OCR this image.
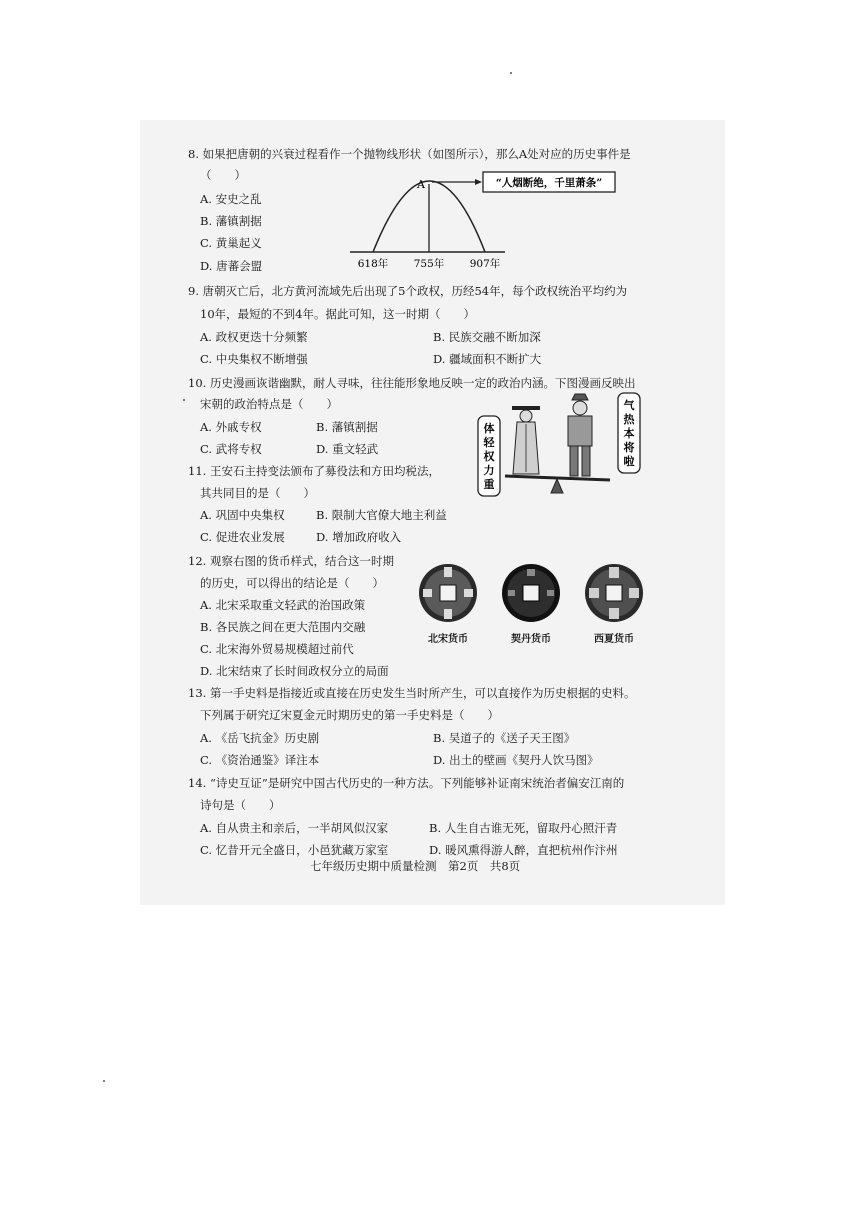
8. 如果把唐朝的兴衰过程看作一个抛物线形状（如图所示），那么A处对应的历史事件是
（　　）
A. 安史之乱
B. 藩镇割据
C. 黄巢起义
D. 唐蕃会盟
A	“人烟断绝，千里萧条”
618年 755年 907年
9. 唐朝灭亡后，北方黄河流域先后出现了5个政权，历经54年，每个政权统治平均约为
10年，最短的不到4年。据此可知，这一时期（　　）
A. 政权更迭十分频繁	B. 民族交融不断加深
C. 中央集权不断增强	D. 疆域面积不断扩大
10. 历史漫画诙谐幽默，耐人寻味，往往能形象地反映一定的政治内涵。下图漫画反映出
宋朝的政治特点是（　　）
A. 外戚专权	B. 藩镇割据
C. 武将专权	D. 重文轻武
体轻权力重
气热本将啦
11. 王安石主持变法颁布了募役法和方田均税法，
其共同目的是（　　）
A. 巩固中央集权	B. 限制大官僚大地主利益
C. 促进农业发展	D. 增加政府收入
12. 观察右图的货币样式，结合这一时期
的历史，可以得出的结论是（　　）
A. 北宋采取重文轻武的治国政策
B. 各民族之间在更大范围内交融
C. 北宋海外贸易规模超过前代
D. 北宋结束了长时间政权分立的局面
北宋货币	契丹货币	西夏货币
13. 第一手史料是指接近或直接在历史发生当时所产生，可以直接作为历史根据的史料。
下列属于研究辽宋夏金元时期历史的第一手史料是（　　）
A. 《岳飞抗金》历史剧	B. 吴道子的《送子天王图》
C. 《资治通鉴》译注本	D. 出土的壁画《契丹人饮马图》
14. “诗史互证”是研究中国古代历史的一种方法。下列能够补证南宋统治者偏安江南的
诗句是（　　）
A. 自从贵主和亲后，一半胡风似汉家	B. 人生自古谁无死，留取丹心照汗青
C. 忆昔开元全盛日，小邑犹藏万家室	D. 暖风熏得游人醉，直把杭州作汴州
七年级历史期中质量检测　第2页　共8页
